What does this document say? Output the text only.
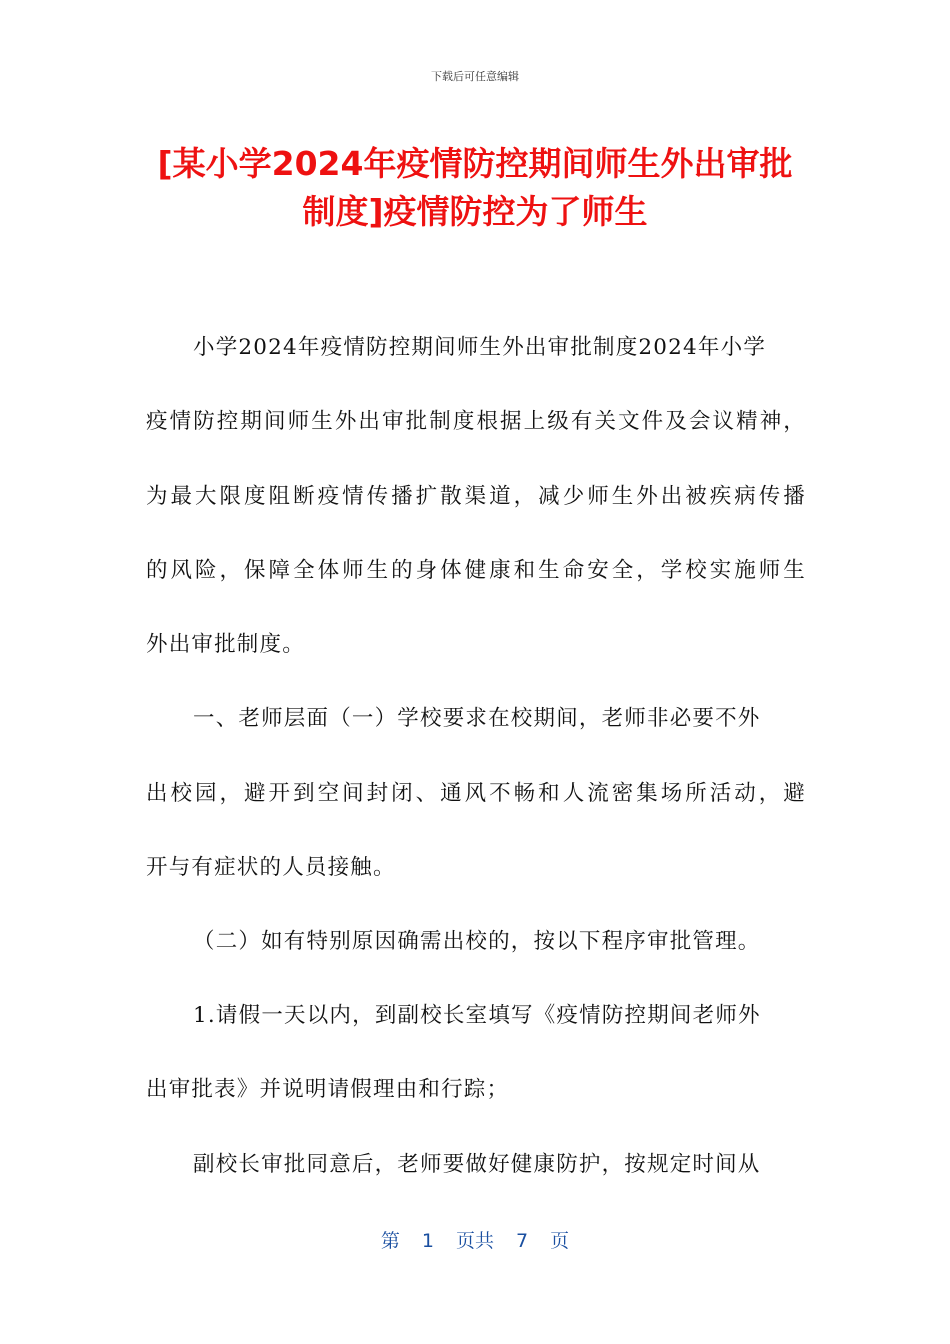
下载后可任意编辑
[某小学2024年疫情防控期间师生外出审批
制度]疫情防控为了师生
小学2024年疫情防控期间师生外出审批制度2024年小学
疫情防控期间师生外出审批制度根据上级有关文件及会议精神，
为最大限度阻断疫情传播扩散渠道，减少师生外出被疾病传播
的风险，保障全体师生的身体健康和生命安全，学校实施师生
外出审批制度。
一、老师层面（一）学校要求在校期间，老师非必要不外
出校园，避开到空间封闭、通风不畅和人流密集场所活动，避
开与有症状的人员接触。
（二）如有特别原因确需出校的，按以下程序审批管理。
1.请假一天以内，到副校长室填写《疫情防控期间老师外
出审批表》并说明请假理由和行踪；
副校长审批同意后，老师要做好健康防护，按规定时间从
第 1 页共 7 页
